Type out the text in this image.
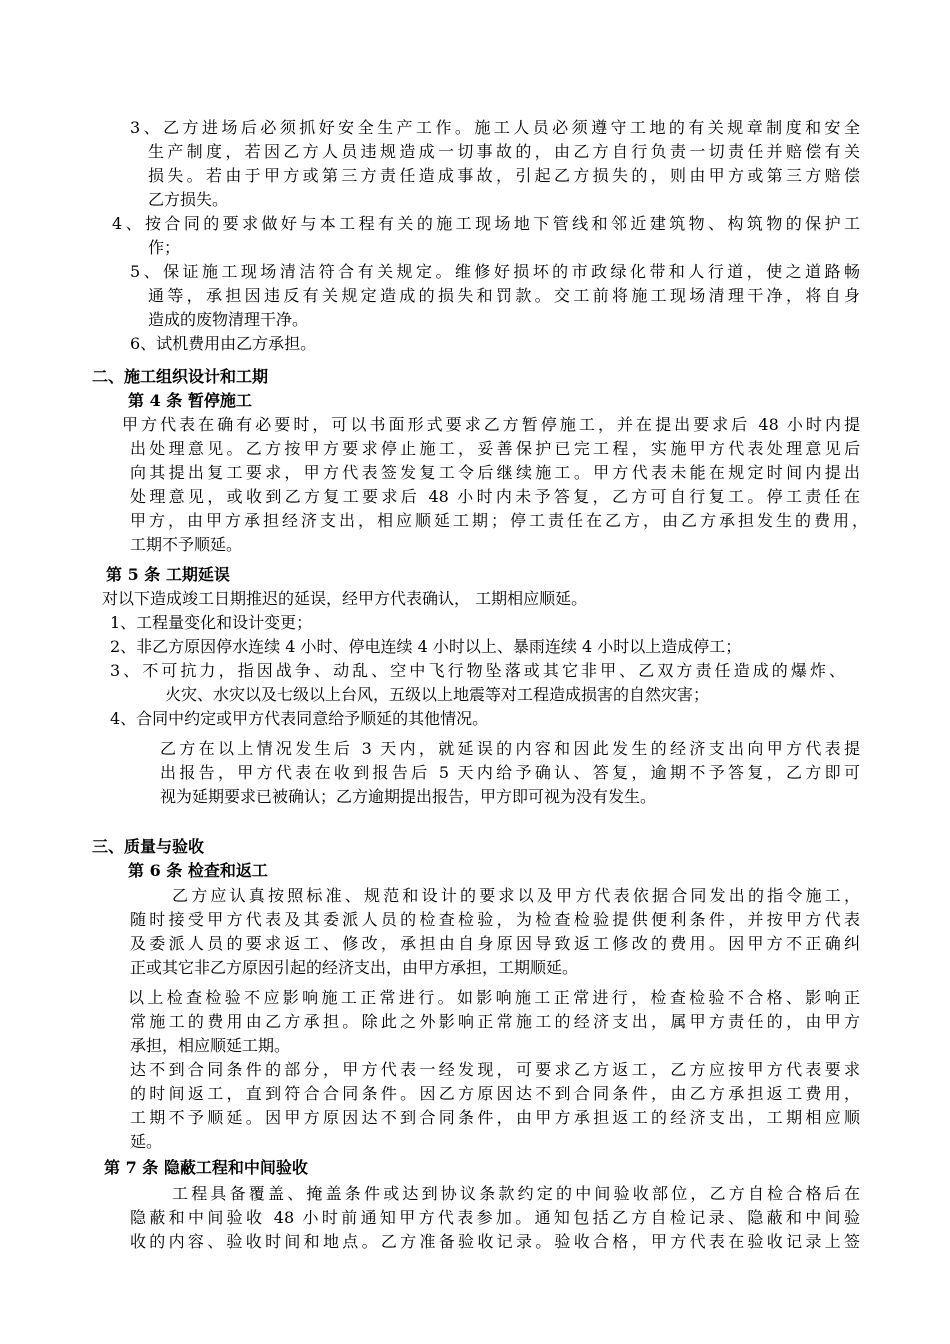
3、乙方进场后必须抓好安全生产工作。施工人员必须遵守工地的有关规章制度和安全
生产制度，若因乙方人员违规造成一切事故的，由乙方自行负责一切责任并赔偿有关
损失。若由于甲方或第三方责任造成事故，引起乙方损失的，则由甲方或第三方赔偿
乙方损失。
4、按合同的要求做好与本工程有关的施工现场地下管线和邻近建筑物、构筑物的保护工
作；
5、保证施工现场清洁符合有关规定。维修好损坏的市政绿化带和人行道，使之道路畅
通等，承担因违反有关规定造成的损失和罚款。交工前将施工现场清理干净，将自身
造成的废物清理干净。
6、试机费用由乙方承担。
二、施工组织设计和工期
第 4 条 暂停施工
甲方代表在确有必要时，可以书面形式要求乙方暂停施工，并在提出要求后 48 小时内提
出处理意见。乙方按甲方要求停止施工，妥善保护已完工程，实施甲方代表处理意见后
向其提出复工要求，甲方代表签发复工令后继续施工。甲方代表未能在规定时间内提出
处理意见，或收到乙方复工要求后 48 小时内未予答复，乙方可自行复工。停工责任在
甲方，由甲方承担经济支出，相应顺延工期；停工责任在乙方，由乙方承担发生的费用，
工期不予顺延。
第 5 条 工期延误
对以下造成竣工日期推迟的延误，经甲方代表确认， 工期相应顺延。
1、工程量变化和设计变更；
2、非乙方原因停水连续 4 小时、停电连续 4 小时以上、暴雨连续 4 小时以上造成停工；
3、不可抗力，指因战争、动乱、空中飞行物坠落或其它非甲、乙双方责任造成的爆炸、
火灾、水灾以及七级以上台风，五级以上地震等对工程造成损害的自然灾害；
4、合同中约定或甲方代表同意给予顺延的其他情况。
乙方在以上情况发生后 3 天内，就延误的内容和因此发生的经济支出向甲方代表提
出报告，甲方代表在收到报告后 5 天内给予确认、答复，逾期不予答复，乙方即可
视为延期要求已被确认；乙方逾期提出报告，甲方即可视为没有发生。
三、质量与验收
第 6 条 检查和返工
乙方应认真按照标准、规范和设计的要求以及甲方代表依据合同发出的指令施工，
随时接受甲方代表及其委派人员的检查检验，为检查检验提供便利条件，并按甲方代表
及委派人员的要求返工、修改，承担由自身原因导致返工修改的费用。因甲方不正确纠
正或其它非乙方原因引起的经济支出，由甲方承担，工期顺延。
以上检查检验不应影响施工正常进行。如影响施工正常进行，检查检验不合格、影响正
常施工的费用由乙方承担。除此之外影响正常施工的经济支出，属甲方责任的，由甲方
承担，相应顺延工期。
达不到合同条件的部分，甲方代表一经发现，可要求乙方返工，乙方应按甲方代表要求
的时间返工，直到符合合同条件。因乙方原因达不到合同条件，由乙方承担返工费用，
工期不予顺延。因甲方原因达不到合同条件，由甲方承担返工的经济支出，工期相应顺
延。
第 7 条 隐蔽工程和中间验收
工程具备覆盖、掩盖条件或达到协议条款约定的中间验收部位，乙方自检合格后在
隐蔽和中间验收 48 小时前通知甲方代表参加。通知包括乙方自检记录、隐蔽和中间验
收的内容、验收时间和地点。乙方准备验收记录。验收合格，甲方代表在验收记录上签
